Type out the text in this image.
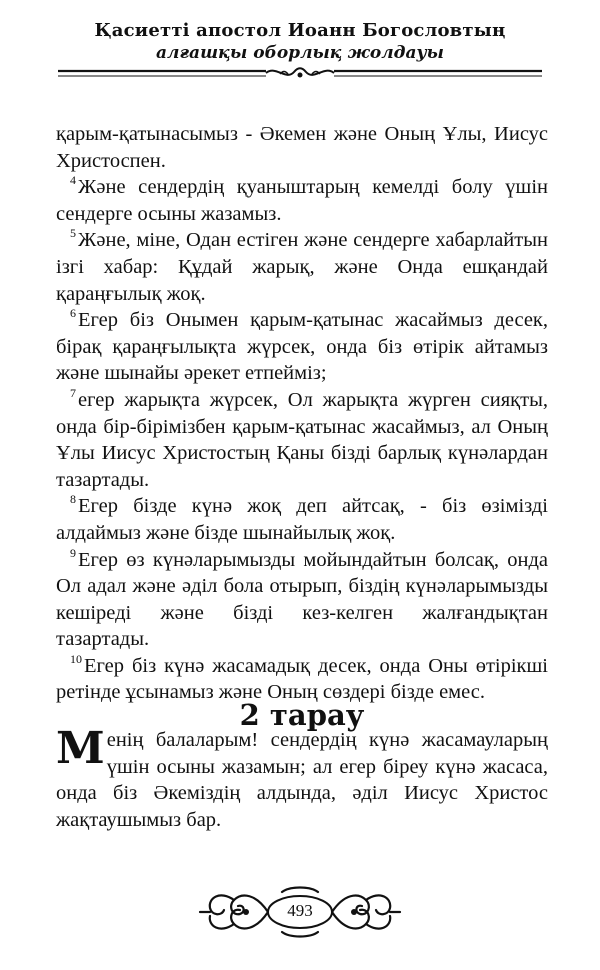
Қасиетті апостол Иоанн Богословтың
алғашқы оборлық жолдауы

қарым-қатынасымыз - Әкемен және Оның Ұлы, Иисус Христоспен.

$^4$Және сендердің қуаныштарың кемелді болу үшін сендерге осыны жазамыз.

$^5$Және, міне, Одан естіген және сендерге хабарлайтын ізгі хабар: Құдай жарық, және Онда ешқандай қараңғылық жоқ.

$^6$Егер біз Онымен қарым-қатынас жасаймыз десек, бірақ қараңғылықта жүрсек, онда біз өтірік айтамыз және шынайы әрекет етпейміз;

$^7$егер жарықта жүрсек, Ол жарықта жүрген сияқты, онда бір-бірімізбен қарым-қатынас жасаймыз, ал Оның Ұлы Иисус Христостың Қаны бізді барлық күнәлардан тазартады.

$^8$Егер бізде күнә жоқ деп айтсақ, - біз өзімізді алдаймыз және бізде шынайылық жоқ.

$^9$Егер өз күнәларымызды мойындайтын болсақ, онда Ол адал және әділ бола отырып, біздің күнәларымызды кешіреді және бізді кез-келген жалғандықтан тазартады.

$^{10}$Егер біз күнә жасамадық десек, онда Оны өтірікші ретінде ұсынамыз және Оның сөздері бізде емес.

2 тарау
Менің балаларым! сендердің күнә жасамауларың үшін осыны жазамын; ал егер біреу күнә жасаса, онда біз Әкеміздің алдында, әділ Иисус Христос жақтаушымыз бар.
493
